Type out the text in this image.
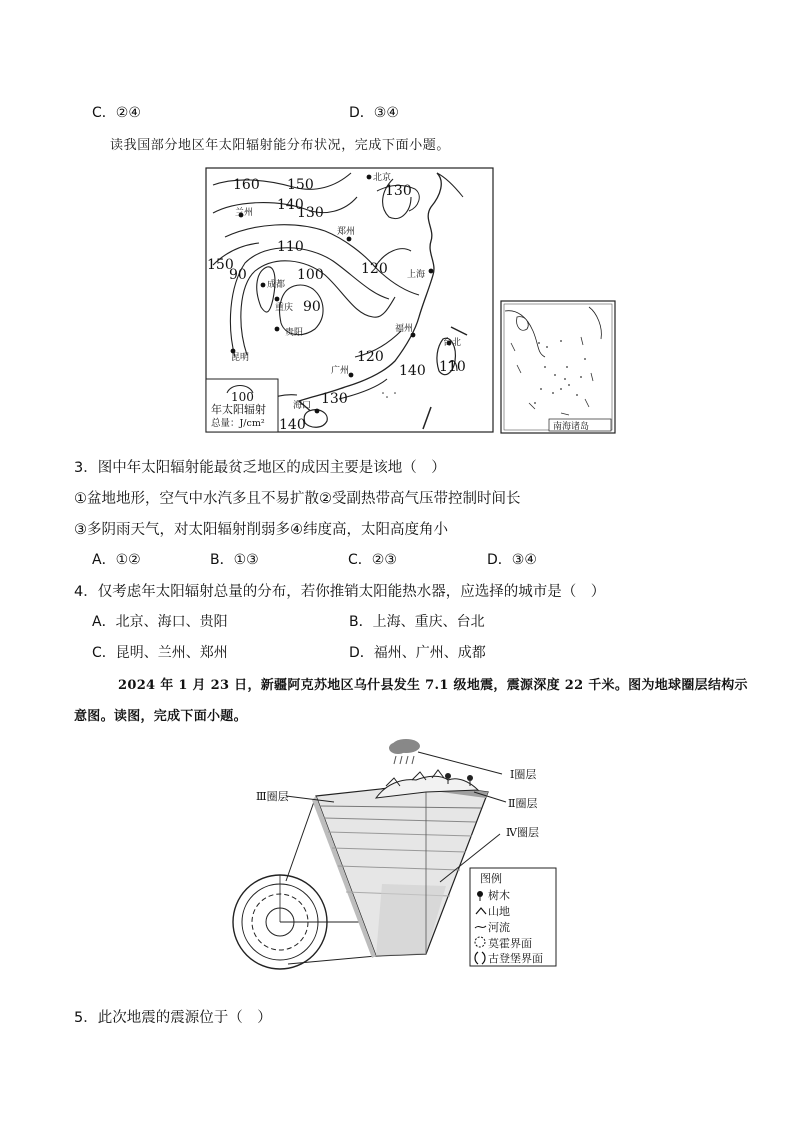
C．②④	D．③④
读我国部分地区年太阳辐射能分布状况，完成下面小题。
160 150
140
130
150
110
100
90
90
120
120
140
130
110
130
140
北京
兰州
郑州
成都
重庆
贵阳
上海
福州
台北
广州
昆明
海口
100
年太阳辐射
总量：J/cm²	南海诸岛
3．图中年太阳辐射能最贫乏地区的成因主要是该地（　）
①盆地地形，空气中水汽多且不易扩散②受副热带高气压带控制时间长
③多阴雨天气，对太阳辐射削弱多④纬度高，太阳高度角小
A．①②	B．①③	C．②③	D．③④
4．仅考虑年太阳辐射总量的分布，若你推销太阳能热水器，应选择的城市是（　）
A．北京、海口、贵阳	B．上海、重庆、台北
C．昆明、兰州、郑州	D．福州、广州、成都
2024 年 1 月 23 日，新疆阿克苏地区乌什县发生 7.1 级地震，震源深度 22 千米。图为地球圈层结构示
意图。读图，完成下面小题。
Ⅰ圈层
Ⅱ圈层
Ⅲ圈层
Ⅳ圈层
图例
树木
山地
河流
莫霍界面
古登堡界面
5．此次地震的震源位于（　）
